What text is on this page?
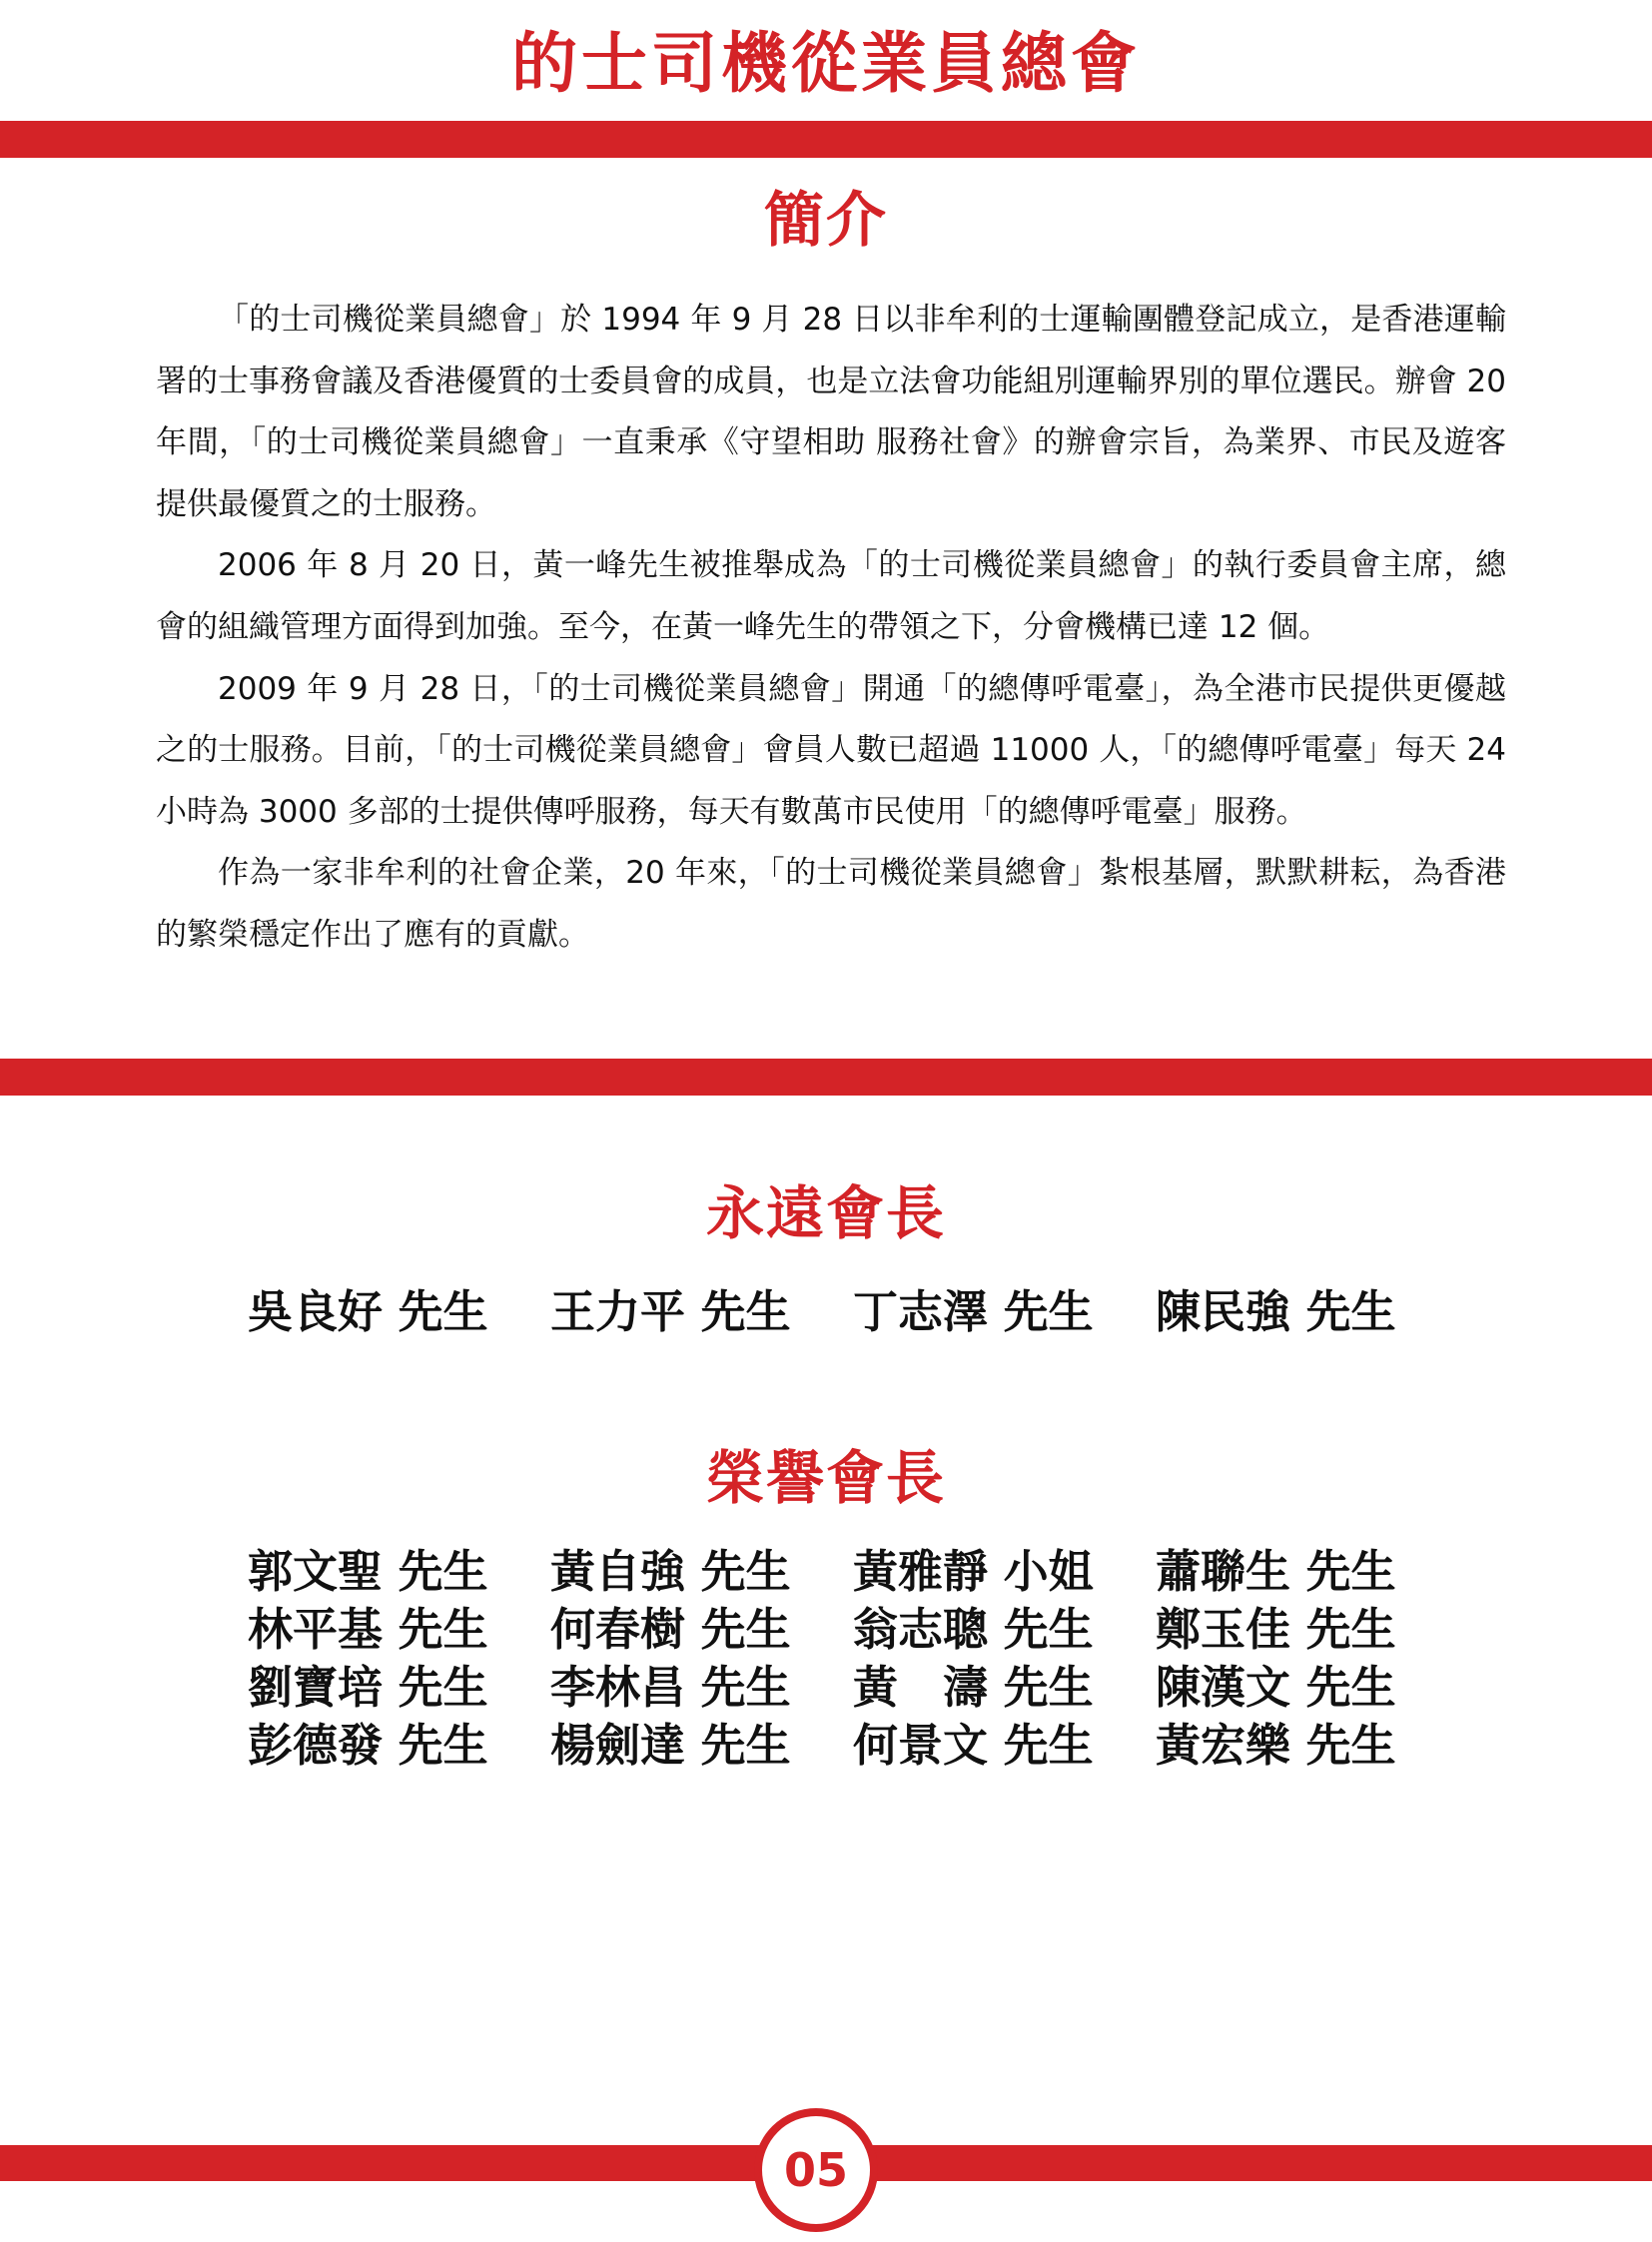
的士司機從業員總會
簡介

「的士司機從業員總會」於 1994 年 9 月 28 日以非牟利的士運輸團體登記成立，是香港運輸署的士事務會議及香港優質的士委員會的成員，也是立法會功能組別運輸界別的單位選民。辦會 20 年間，「的士司機從業員總會」一直秉承《守望相助 服務社會》的辦會宗旨，為業界、市民及遊客提供最優質之的士服務。

2006 年 8 月 20 日，黃一峰先生被推舉成為「的士司機從業員總會」的執行委員會主席，總會的組織管理方面得到加強。至今，在黃一峰先生的帶領之下，分會機構已達 12 個。

2009 年 9 月 28 日，「的士司機從業員總會」開通「的總傳呼電臺」，為全港市民提供更優越之的士服務。目前，「的士司機從業員總會」會員人數已超過 11000 人，「的總傳呼電臺」每天 24 小時為 3000 多部的士提供傳呼服務，每天有數萬市民使用「的總傳呼電臺」服務。

作為一家非牟利的社會企業，20 年來，「的士司機從業員總會」紮根基層，默默耕耘，為香港的繁榮穩定作出了應有的貢獻。

永遠會長
吳良好 先生	王力平 先生	丁志澤 先生	陳民強 先生
榮譽會長
郭文聖 先生	黃自強 先生	黃雅靜 小姐	蕭聯生 先生
林平基 先生	何春樹 先生	翁志聰 先生	鄭玉佳 先生
劉寶培 先生	李林昌 先生	黃　濤 先生	陳漢文 先生
彭德發 先生	楊劍達 先生	何景文 先生	黃宏樂 先生
05
